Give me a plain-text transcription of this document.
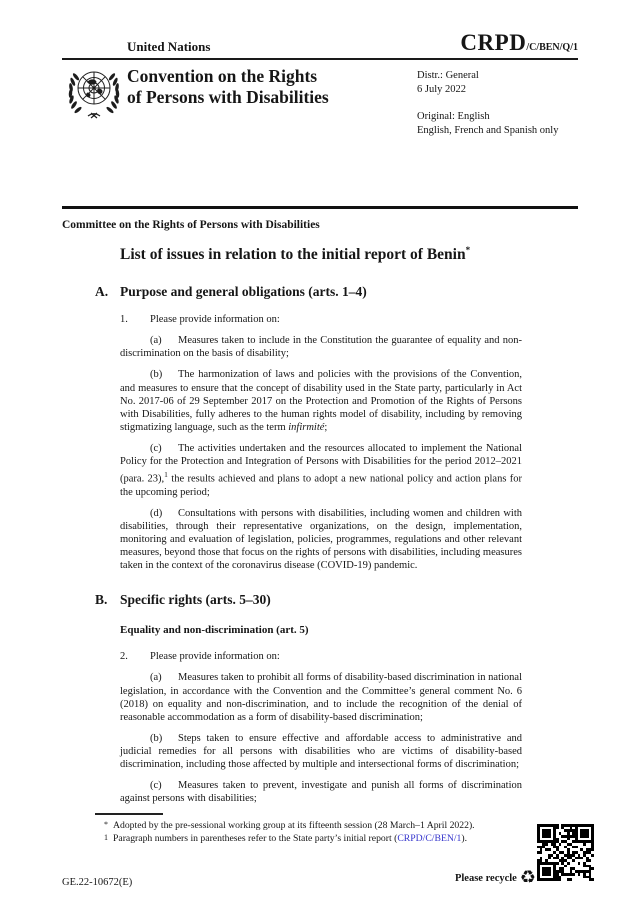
United Nations	CRPD /C/BEN/Q/1
Convention on the Rights
of Persons with Disabilities
Distr.: General
6 July 2022
Original: English
English, French and Spanish only
Committee on the Rights of Persons with Disabilities
List of issues in relation to the initial report of Benin*
A. Purpose and general obligations (arts. 1–4)

1. Please provide information on:

(a) Measures taken to include in the Constitution the guarantee of equality and non-discrimination on the basis of disability;

(b) The harmonization of laws and policies with the provisions of the Convention, and measures to ensure that the concept of disability used in the State party, particularly in Act No. 2017-06 of 29 September 2017 on the Protection and Promotion of the Rights of Persons with Disabilities, fully adheres to the human rights model of disability, including by removing stigmatizing language, such as the term infirmité;

(c) The activities undertaken and the resources allocated to implement the National Policy for the Protection and Integration of Persons with Disabilities for the period 2012–2021 (para. 23),$^1$ the results achieved and plans to adopt a new national policy and action plans for the upcoming period;

(d) Consultations with persons with disabilities, including women and children with disabilities, through their representative organizations, on the design, implementation, monitoring and evaluation of legislation, policies, programmes, regulations and other relevant measures, beyond those that focus on the rights of persons with disabilities, including measures taken in the context of the coronavirus disease (COVID-19) pandemic.

B. Specific rights (arts. 5–30)
Equality and non-discrimination (art. 5)

2. Please provide information on:

(a) Measures taken to prohibit all forms of disability-based discrimination in national legislation, in accordance with the Convention and the Committee’s general comment No. 6 (2018) on equality and non-discrimination, and to include the recognition of the denial of reasonable accommodation as a form of disability-based discrimination;

(b) Steps taken to ensure effective and affordable access to administrative and judicial remedies for all persons with disabilities who are victims of disability-based discrimination, including those affected by multiple and intersectional forms of discrimination;

(c) Measures taken to prevent, investigate and punish all forms of discrimination against persons with disabilities;

* Adopted by the pre-sessional working group at its fifteenth session (28 March–1 April 2022).
1 Paragraph numbers in parentheses refer to the State party’s initial report (CRPD/C/BEN/1).
GE.22-10672(E)	Please recycle ♻
